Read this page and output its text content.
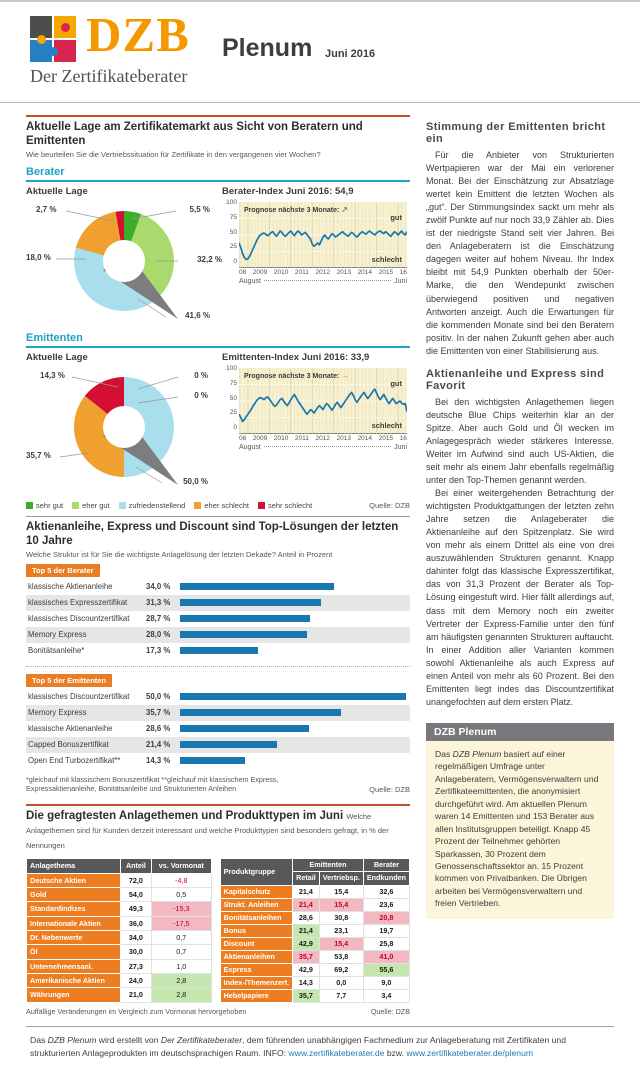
DZB Plenum Juni 2016
Der Zertifikateberater
Aktuelle Lage am Zertifikatemarkt aus Sicht von Beratern und Emittenten
Wie beurteilen Sie die Vertriebssituation für Zertifikate in den vergangenen vier Wochen?
Berater
Aktuelle Lage
2,7 %	5,5 %
32,2 %
41,6 %
18,0 %
Berater-Index Juni 2016: 54,9
100
75
50
25
0
Prognose nächste 3 Monate: ↗
gut
schlecht
08 2009 2010 2011 2012 2013 2014 2015 16
August	Juni
Emittenten
Aktuelle Lage
14,3 %	0 %
0 %
50,0 %
35,7 %
Emittenten-Index Juni 2016: 33,9
100
75
50
25
0
Prognose nächste 3 Monate: →
gut
schlecht
08 2009 2010 2011 2012 2013 2014 2015 16
August	Juni
sehr gut	eher gut	zufriedenstellend	eher schlecht	sehr schlecht	Quelle: DZB
Aktienanleihe, Express und Discount sind Top-Lösungen der letzten 10 Jahre
Welche Struktur ist für Sie die wichtigste Anlagelösung der letzten Dekade? Anteil in Prozent
Top 5 der Berater
klassische Aktienanleihe	34,0 %
klassisches Expresszertifikat	31,3 %
klassisches Discountzertifikat	28,7 %
Memory Express	28,0 %
Bonitätsanleihe*	17,3 %
Top 5 der Emittenten
klassisches Discountzertifikat	50,0 %
Memory Express	35,7 %
klassische Aktienanleihe	28,6 %
Capped Bonuszertifikat	21,4 %
Open End Turbozertifikat**	14,3 %
*gleichauf mit klassischem Bonuszertifikat **gleichauf mit klassischem Express, Expressaktienanleihe, Bonitätsanleihe und Strukturierten Anleihen	Quelle: DZB
Die gefragtesten Anlagethemen und Produkttypen im Juni Welche Anlagethemen sind für Kunden derzeit interessant und welche Produkttypen sind besonders gefragt, in % der Nennungen
Anlagethema	Anteil	vs. Vormonat
Deutsche Aktien	72,0	-4,8
Gold	54,0	0,5
Standardindizes	49,3	-15,3
Internationale Aktien	36,0	-17,5
Dt. Nebenwerte	34,0	0,7
Öl	30,0	0,7
Unternehmensanl.	27,3	1,0
Amerikanische Aktien	24,0	2,8
Währungen	21,0	2,8
Produktgruppe	Emittenten		Berater
	Retail	Vertriebsp.	Endkunden
Kapitalschutz	21,4	15,4	32,6
Strukt. Anleihen	21,4	15,4	23,6
Bonitätsanleihen	28,6	30,8	20,8
Bonus	21,4	23,1	19,7
Discount	42,9	15,4	25,8
Aktienanleihen	35,7	53,8	41,0
Express	42,9	69,2	55,6
Index-/Themenzert.	14,3	0,0	9,0
Hebelpapiere	35,7	7,7	3,4
Auffällige Veränderungen im Vergleich zum Vormonat hervorgehoben	Quelle: DZB
Stimmung der Emittenten bricht ein

Für die Anbieter von Strukturierten Wertpapieren war der Mai ein verlorener Monat. Bei der Einschätzung zur Absatzlage wertet kein Emittent die letzten Wochen als „gut“. Der Stimmungsindex sackt um mehr als zwölf Punkte auf nur noch 33,9 Zähler ab. Dies ist der niedrigste Stand seit vier Jahren. Bei den Anlageberatern ist die Einschätzung dagegen weiter auf hohem Niveau. Ihr Index bleibt mit 54,9 Punkten oberhalb der 50er-Marke, die den Wendepunkt zwischen überwiegend positiven und negativen Antworten anzeigt. Auch die Erwartungen für die kommenden Monate sind bei den Beratern positiv. In der nahen Zukunft gehen aber auch die Emittenten von einer Stabilisierung aus.

Aktienanleihe und Express sind Favorit

Bei den wichtigsten Anlagethemen liegen deutsche Blue Chips weiterhin klar an der Spitze. Aber auch Gold und Öl wecken im Anlagegespräch wieder stärkeres Interesse. Weiter im Aufwind sind auch US-Aktien, die seit mehr als einem Jahr ebenfalls regelmäßig unter den Top-Themen genannt werden.

Bei einer weitergehenden Betrachtung der wichtigsten Produktgattungen der letzten zehn Jahre setzen die Anlageberater die Aktienanleihe auf den Spitzenplatz. Sie wird von mehr als einem Drittel als eine von drei auszuwählenden Strukturen genannt. Knapp dahinter folgt das klassische Expresszertifikat, das von 31,3 Prozent der Berater als Top-Lösung eingestuft wird. Hier fällt allerdings auf, dass mit dem Memory noch ein zweiter Vertreter der Express-Familie unter den fünf am häufigsten genannten Strukturen auftaucht. In einer Addition aller Varianten kommen sowohl Aktienanleihe als auch Express auf einen Anteil von mehr als 60 Prozent. Bei den Emittenten liegt indes das Discountzertifikat unangefochten auf dem ersten Platz.

DZB Plenum
Das DZB Plenum basiert auf einer regelmäßigen Umfrage unter Anlageberatern, Vermögensverwaltern und Zertifikateemittenten, die anonymisiert durchgeführt wird. Am aktuellen Plenum waren 14 Emittenten und 153 Berater aus allen Institutsgruppen beteiligt. Knapp 45 Prozent der Teilnehmer gehörten Sparkassen, 30 Prozent dem Genossenschaftssektor an. 15 Prozent kommen von Privatbanken. Die Übrigen arbeiten bei Vermögensverwaltern und freien Vertrieben.
Das DZB Plenum wird erstellt von Der Zertifikateberater, dem führenden unabhängigen Fachmedium zur Anlageberatung mit Zertifikaten und strukturierten Anlageprodukten im deutschsprachigen Raum. INFO: www.zertifikateberater.de bzw. www.zertifikateberater.de/plenum
